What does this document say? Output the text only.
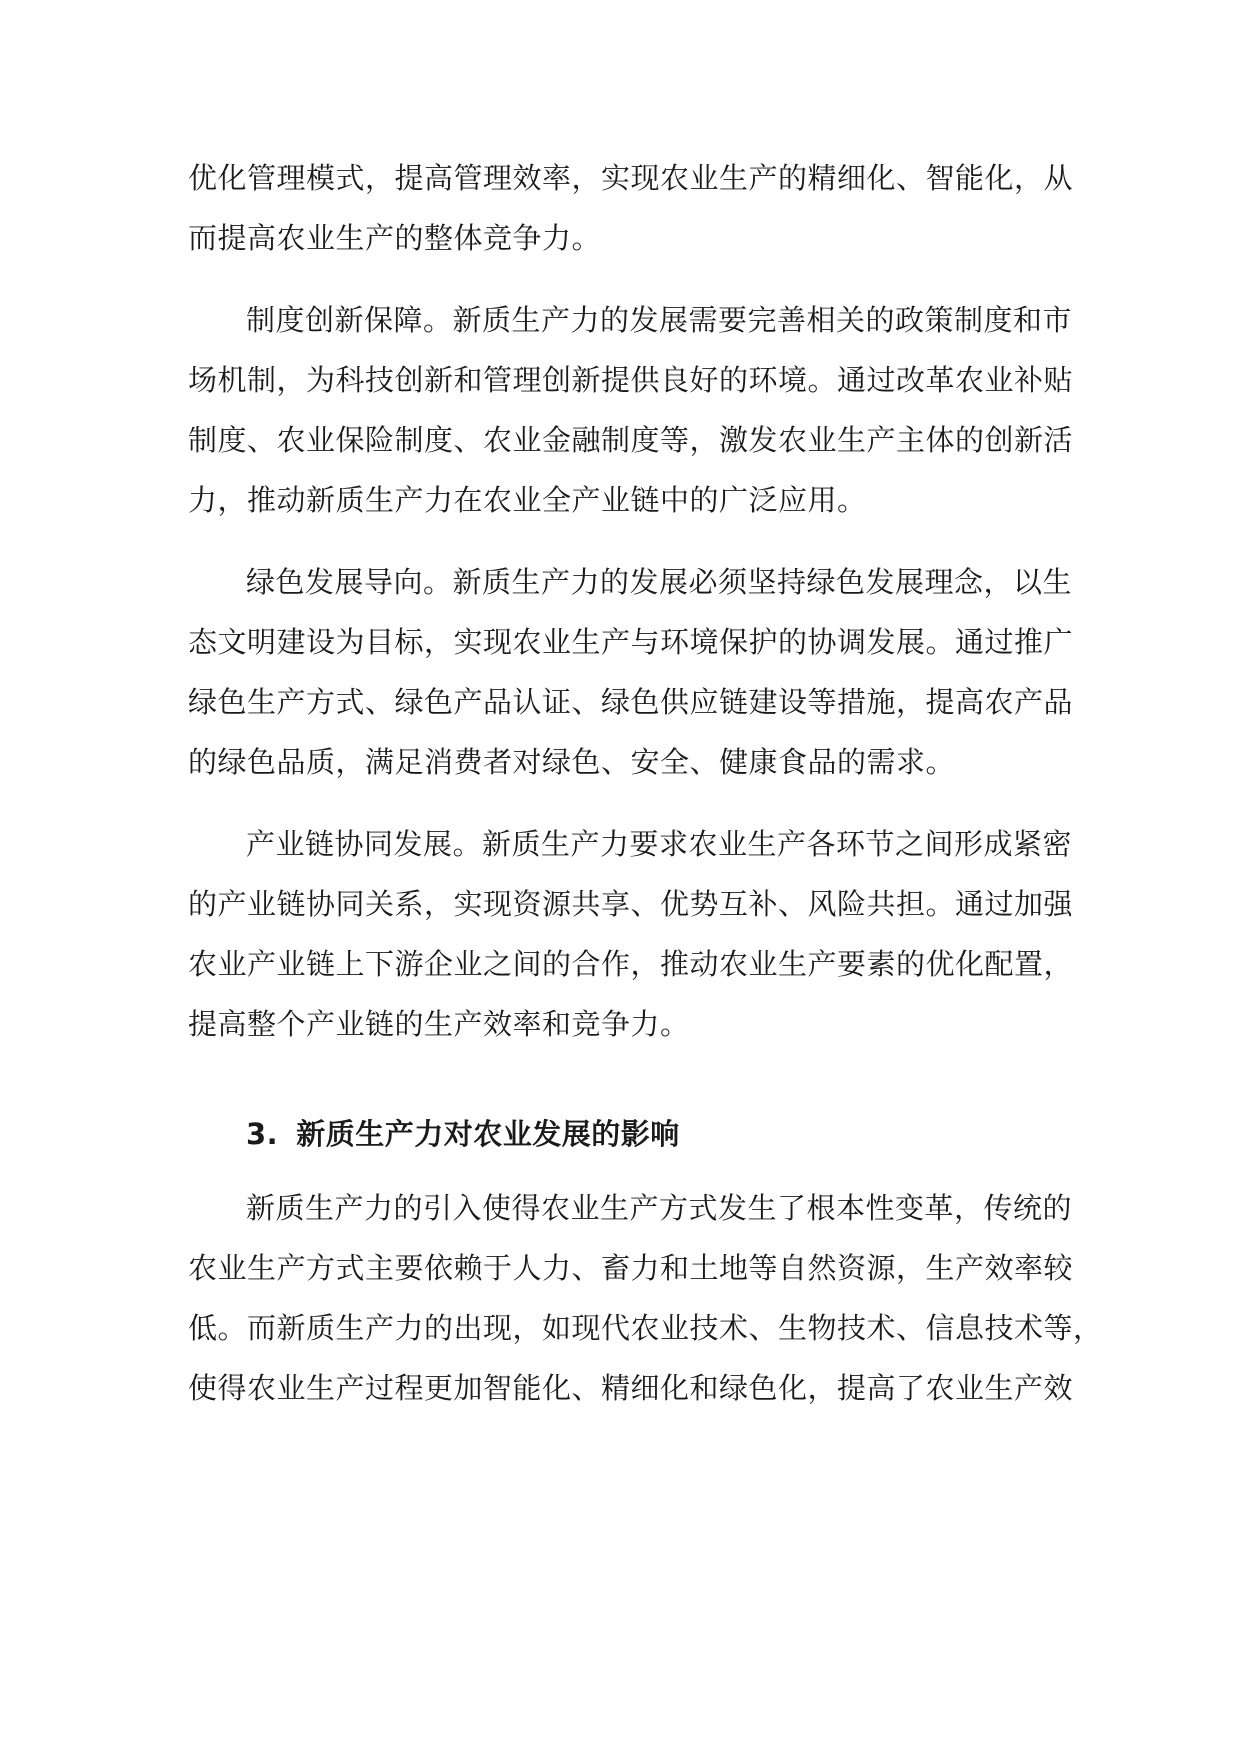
优化管理模式，提高管理效率，实现农业生产的精细化、智能化，从
而提高农业生产的整体竞争力。

制度创新保障。新质生产力的发展需要完善相关的政策制度和市
场机制，为科技创新和管理创新提供良好的环境。通过改革农业补贴
制度、农业保险制度、农业金融制度等，激发农业生产主体的创新活
力，推动新质生产力在农业全产业链中的广泛应用。

绿色发展导向。新质生产力的发展必须坚持绿色发展理念，以生
态文明建设为目标，实现农业生产与环境保护的协调发展。通过推广
绿色生产方式、绿色产品认证、绿色供应链建设等措施，提高农产品
的绿色品质，满足消费者对绿色、安全、健康食品的需求。

产业链协同发展。新质生产力要求农业生产各环节之间形成紧密
的产业链协同关系，实现资源共享、优势互补、风险共担。通过加强
农业产业链上下游企业之间的合作，推动农业生产要素的优化配置，
提高整个产业链的生产效率和竞争力。

3. 新质生产力对农业发展的影响

新质生产力的引入使得农业生产方式发生了根本性变革，传统的
农业生产方式主要依赖于人力、畜力和土地等自然资源，生产效率较
低。而新质生产力的出现，如现代农业技术、生物技术、信息技术等，
使得农业生产过程更加智能化、精细化和绿色化，提高了农业生产效
